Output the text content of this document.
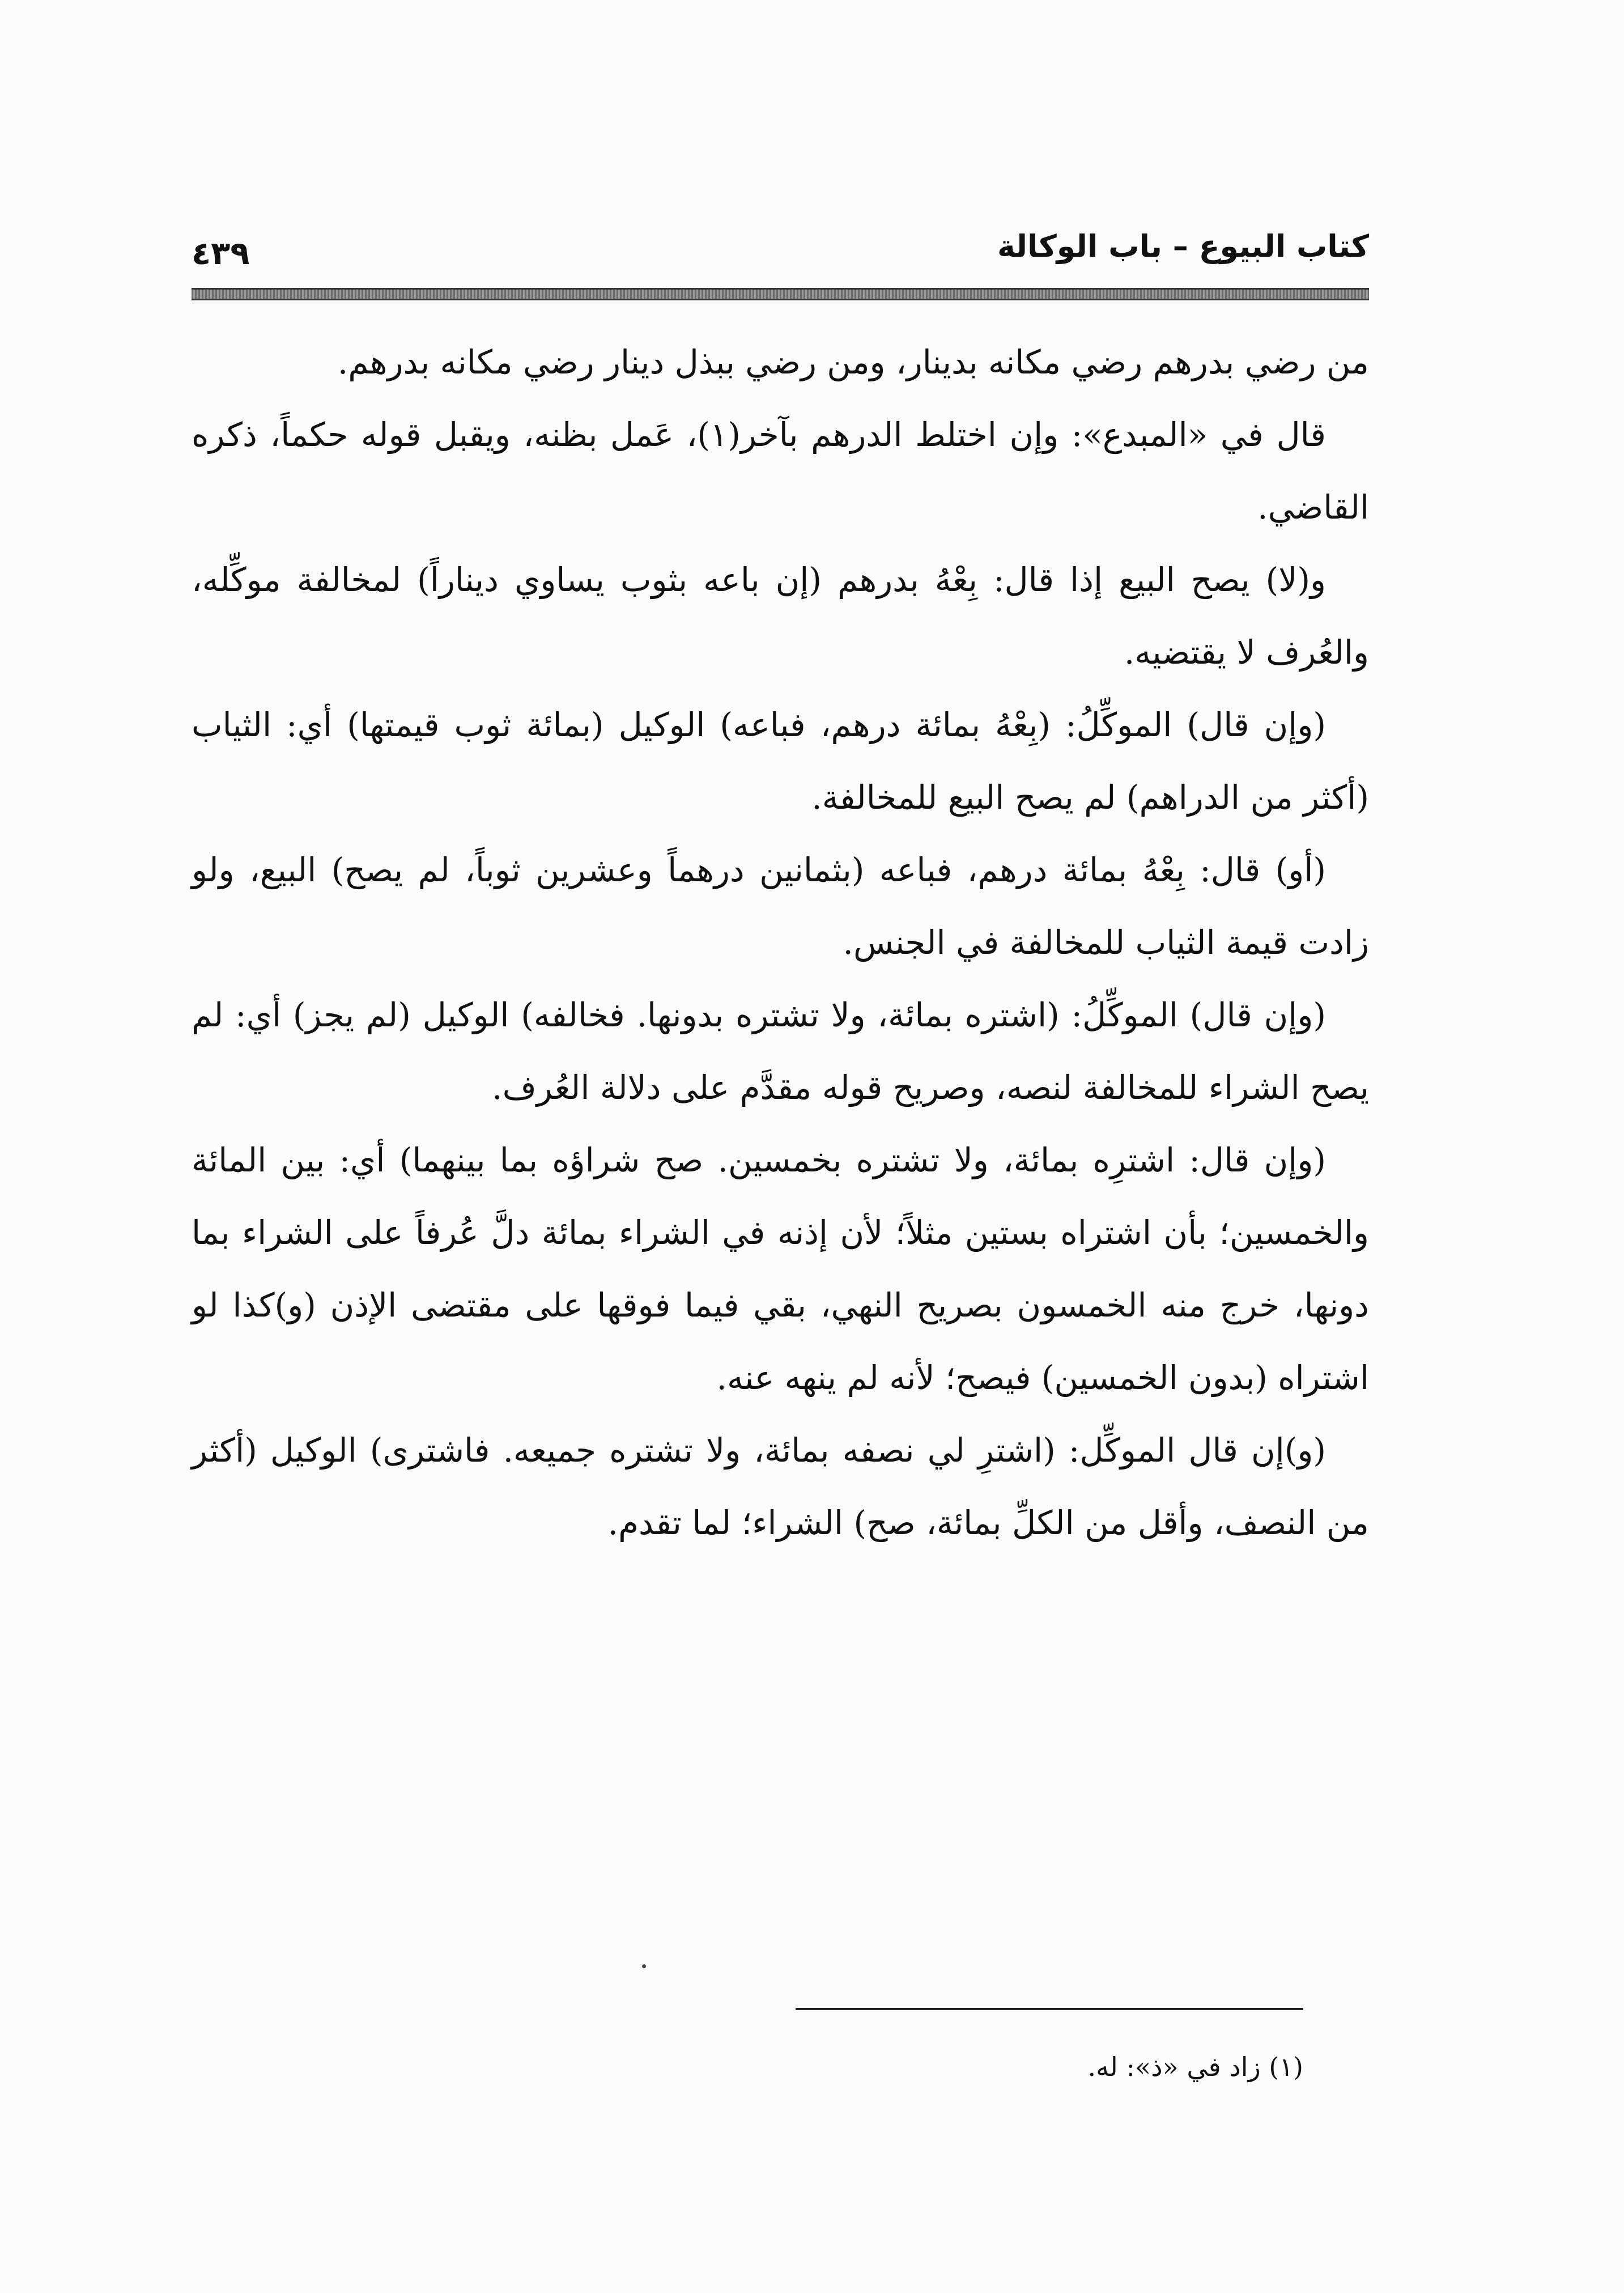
كتاب البيوع – باب الوكالة
٤٣٩

من رضي بدرهم رضي مكانه بدينار، ومن رضي ببذل دينار رضي مكانه بدرهم.

قال في «المبدع»: وإن اختلط الدرهم بآخر(١)، عَمل بظنه، ويقبل قوله حكماً، ذكره القاضي.

و(لا) يصح البيع إذا قال: بِعْهُ بدرهم (إن باعه بثوب يساوي ديناراً) لمخالفة موكِّله، والعُرف لا يقتضيه.

(وإن قال) الموكِّلُ: (بِعْهُ بمائة درهم، فباعه) الوكيل (بمائة ثوب قيمتها) أي: الثياب (أكثر من الدراهم) لم يصح البيع للمخالفة.

(أو) قال: بِعْهُ بمائة درهم، فباعه (بثمانين درهماً وعشرين ثوباً، لم يصح) البيع، ولو زادت قيمة الثياب للمخالفة في الجنس.

(وإن قال) الموكِّلُ: (اشتره بمائة، ولا تشتره بدونها. فخالفه) الوكيل (لم يجز) أي: لم يصح الشراء للمخالفة لنصه، وصريح قوله مقدَّم على دلالة العُرف.

(وإن قال: اشترِه بمائة، ولا تشتره بخمسين. صح شراؤه بما بينهما) أي: بين المائة والخمسين؛ بأن اشتراه بستين مثلاً؛ لأن إذنه في الشراء بمائة دلَّ عُرفاً على الشراء بما دونها، خرج منه الخمسون بصريح النهي، بقي فيما فوقها على مقتضى الإذن (و)كذا لو اشتراه (بدون الخمسين) فيصح؛ لأنه لم ينهه عنه.

(و)إن قال الموكِّل: (اشترِ لي نصفه بمائة، ولا تشتره جميعه. فاشترى) الوكيل (أكثر من النصف، وأقل من الكلِّ بمائة، صح) الشراء؛ لما تقدم.

(١) زاد في «ذ»: له.
